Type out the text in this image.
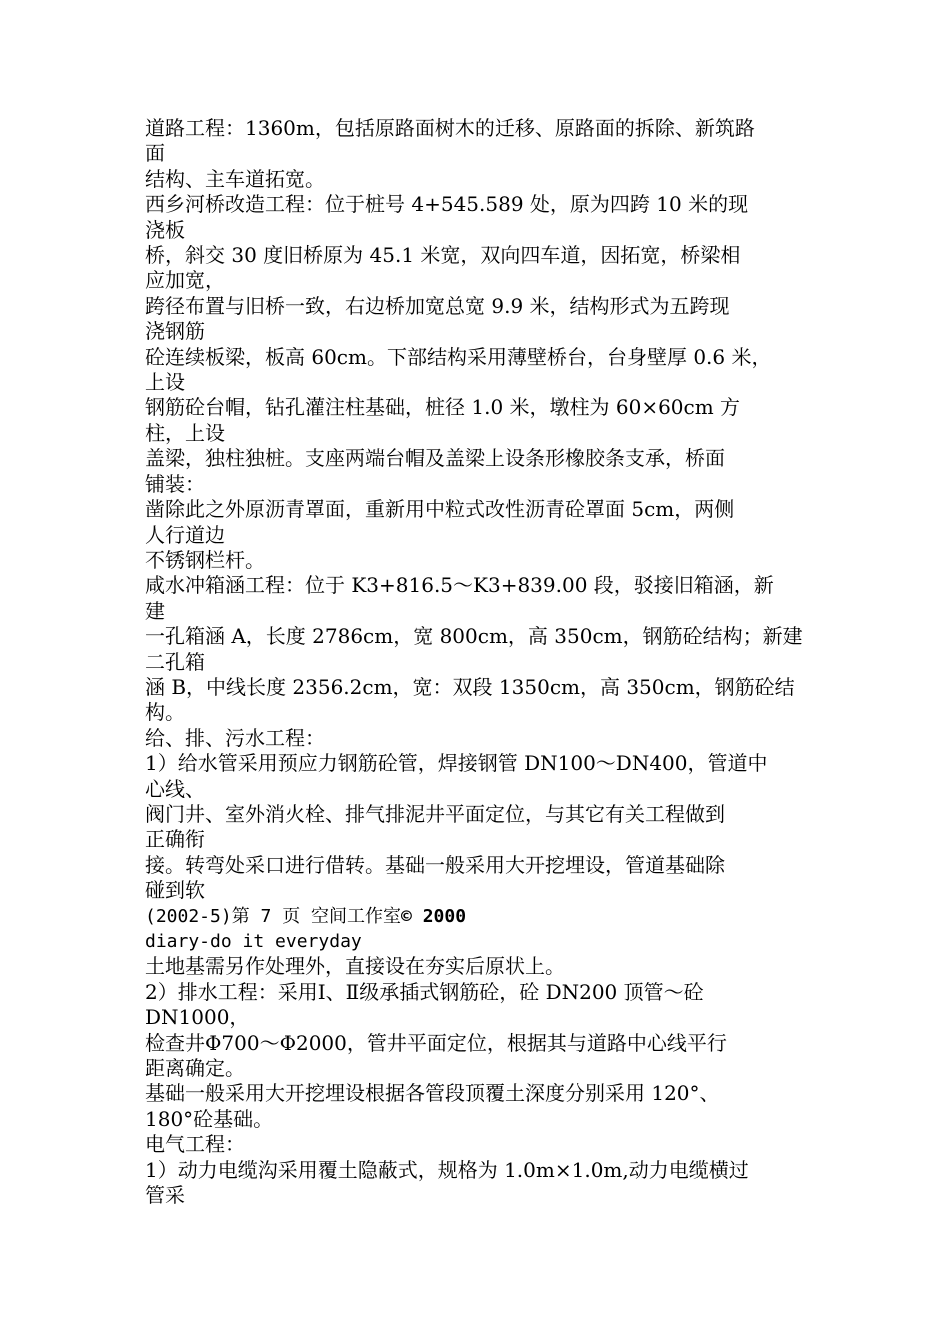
道路工程：1360m，包括原路面树木的迁移、原路面的拆除、新筑路
面
结构、主车道拓宽。
西乡河桥改造工程：位于桩号 4+545.589 处，原为四跨 10 米的现
浇板
桥，斜交 30 度旧桥原为 45.1 米宽，双向四车道，因拓宽，桥梁相
应加宽，
跨径布置与旧桥一致，右边桥加宽总宽 9.9 米，结构形式为五跨现
浇钢筋
砼连续板梁，板高 60cm。下部结构采用薄壁桥台，台身壁厚 0.6 米，
上设
钢筋砼台帽，钻孔灌注柱基础，桩径 1.0 米，墩柱为 60×60cm 方
柱，上设
盖梁，独柱独桩。支座两端台帽及盖梁上设条形橡胶条支承，桥面
铺装：
凿除此之外原沥青罩面，重新用中粒式改性沥青砼罩面 5cm，两侧
人行道边
不锈钢栏杆。
咸水冲箱涵工程：位于 K3+816.5～K3+839.00 段，驳接旧箱涵，新
建
一孔箱涵 A，长度 2786cm，宽 800cm，高 350cm，钢筋砼结构；新建
二孔箱
涵 B，中线长度 2356.2cm，宽：双段 1350cm，高 350cm，钢筋砼结
构。
给、排、污水工程：
1）给水管采用预应力钢筋砼管，焊接钢管 DN100～DN400，管道中
心线、
阀门井、室外消火栓、排气排泥井平面定位，与其它有关工程做到
正确衔
接。转弯处采口进行借转。基础一般采用大开挖埋设，管道基础除
碰到软
(2002-5)第 7 页 空间工作室© 2000
diary-do it everyday
土地基需另作处理外，直接设在夯实后原状上。
2）排水工程：采用Ⅰ、Ⅱ级承插式钢筋砼，砼 DN200 顶管～砼
DN1000，
检查井Φ700～Φ2000，管井平面定位，根据其与道路中心线平行
距离确定。
基础一般采用大开挖埋设根据各管段顶覆土深度分别采用 120°、
180°砼基础。
电气工程：
1）动力电缆沟采用覆土隐蔽式，规格为 1.0m×1.0m,动力电缆横过
管采
